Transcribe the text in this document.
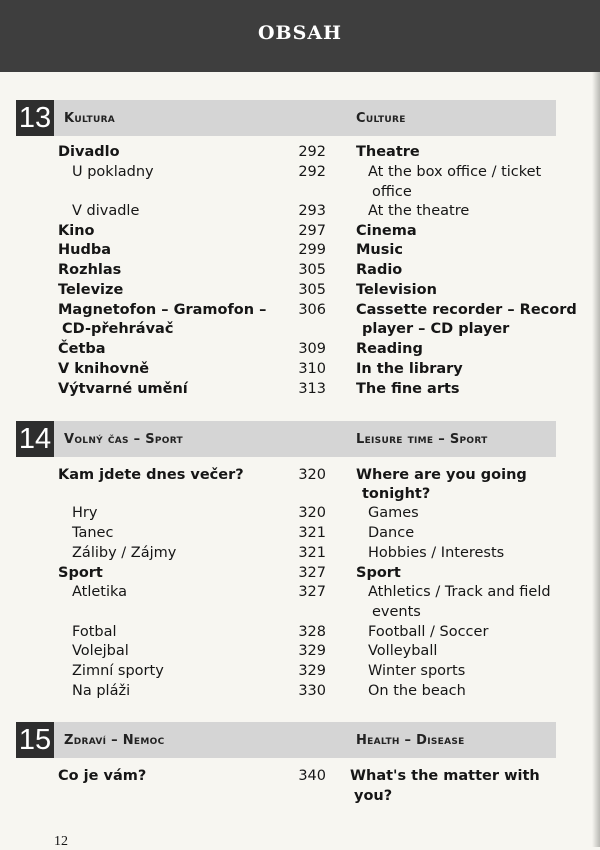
OBSAH
13 Kultura	Culture
Divadlo	292 Theatre
U pokladny	292	At the box office / ticket
office
V divadle	293	At the theatre
Kino	297 Cinema
Hudba	299 Music
Rozhlas	305 Radio
Televize	305 Television
Magnetofon – Gramofon –	306 Cassette recorder – Record
CD-přehrávač	player – CD player
Četba	309 Reading
V knihovně	310 In the library
Výtvarné umění	313 The fine arts
14 Volný čas – Sport	Leisure time – Sport
Kam jdete dnes večer?	320 Where are you going
tonight?
Hry	320	Games
Tanec	321	Dance
Záliby / Zájmy	321	Hobbies / Interests
Sport	327 Sport
Atletika	327	Athletics / Track and field
events
Fotbal	328	Football / Soccer
Volejbal	329	Volleyball
Zimní sporty	329	Winter sports
Na pláži	330	On the beach
15 Zdraví – Nemoc	Health – Disease
Co je vám?	340 What's the matter with
you?
12
